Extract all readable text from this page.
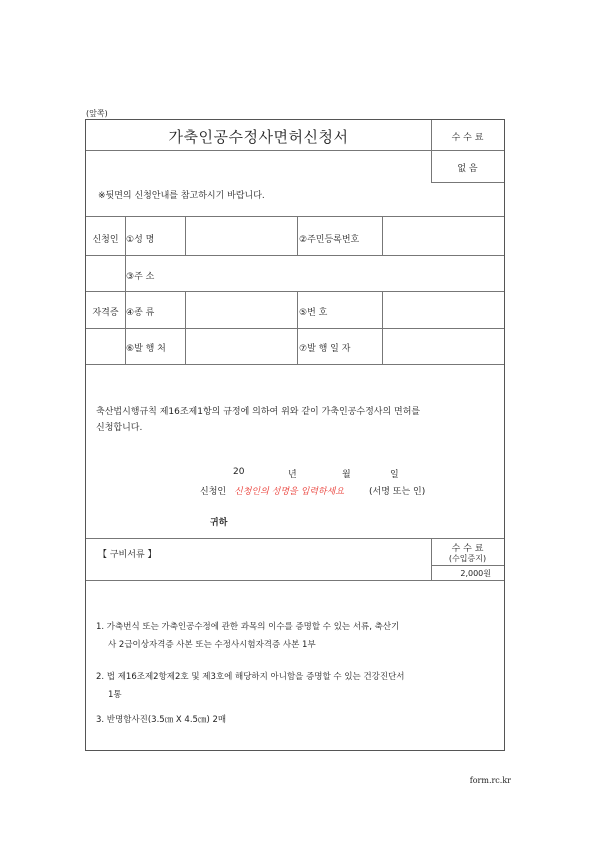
(앞쪽)
가축인공수정사면허신청서	수 수 료
없 음
※뒷면의 신청안내를 참고하시기 바랍니다.
신청인 ①성 명	②주민등록번호
③주 소
자격증 ④종 류	⑤번 호
⑥발 행 처	⑦발 행 일 자
축산법시행규칙 제16조제1항의 규정에 의하여 위와 같이 가축인공수정사의 면허를
신청합니다.
20	년	월	일
신청인 신청인의 성명을 입력하세요	(서명 또는 인)
귀하
【 구비서류 】
수 수 료
(수입증지)
2,000원
1. 가축번식 또는 가축인공수정에 관한 과목의 이수를 증명할 수 있는 서류, 축산기
사 2급이상자격증 사본 또는 수정사시험자격증 사본 1부
2. 법 제16조제2항제2호 및 제3호에 해당하지 아니함을 증명할 수 있는 건강진단서
1통
3. 반명함사진(3.5㎝ X 4.5㎝) 2매
form.rc.kr
